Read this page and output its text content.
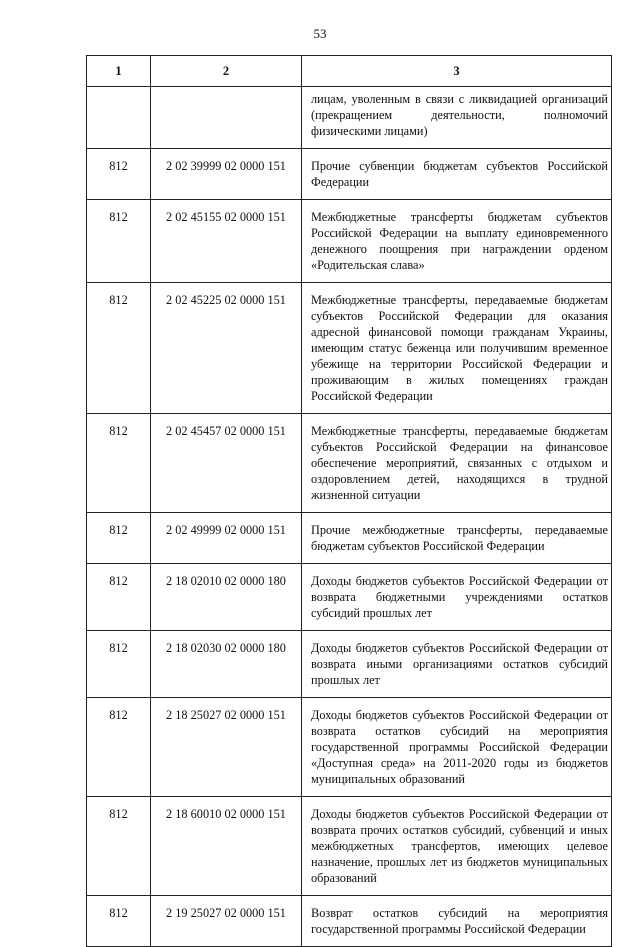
53
1	2	3
		лицам, уволенным в связи с ликвидацией организаций (прекращением деятельности, полномочий физическими лицами)
812	2 02 39999 02 0000 151	Прочие субвенции бюджетам субъектов Российской Федерации
812	2 02 45155 02 0000 151	Межбюджетные трансферты бюджетам субъектов Российской Федерации на выплату единовременного денежного поощрения при награждении орденом «Родительская слава»
812	2 02 45225 02 0000 151	Межбюджетные трансферты, передаваемые бюджетам субъектов Российской Федерации для оказания адресной финансовой помощи гражданам Украины, имеющим статус беженца или получившим временное убежище на территории Российской Федерации и проживающим в жилых помещениях граждан Российской Федерации
812	2 02 45457 02 0000 151	Межбюджетные трансферты, передаваемые бюджетам субъектов Российской Федерации на финансовое обеспечение мероприятий, связанных с отдыхом и оздоровлением детей, находящихся в трудной жизненной ситуации
812	2 02 49999 02 0000 151	Прочие межбюджетные трансферты, передаваемые бюджетам субъектов Российской Федерации
812	2 18 02010 02 0000 180	Доходы бюджетов субъектов Российской Федерации от возврата бюджетными учреждениями остатков субсидий прошлых лет
812	2 18 02030 02 0000 180	Доходы бюджетов субъектов Российской Федерации от возврата иными организациями остатков субсидий прошлых лет
812	2 18 25027 02 0000 151	Доходы бюджетов субъектов Российской Федерации от возврата остатков субсидий на мероприятия государственной программы Российской Федерации «Доступная среда» на 2011-2020 годы из бюджетов муниципальных образований
812	2 18 60010 02 0000 151	Доходы бюджетов субъектов Российской Федерации от возврата прочих остатков субсидий, субвенций и иных межбюджетных трансфертов, имеющих целевое назначение, прошлых лет из бюджетов муниципальных образований
812	2 19 25027 02 0000 151	Возврат остатков субсидий на мероприятия государственной программы Российской Федерации
